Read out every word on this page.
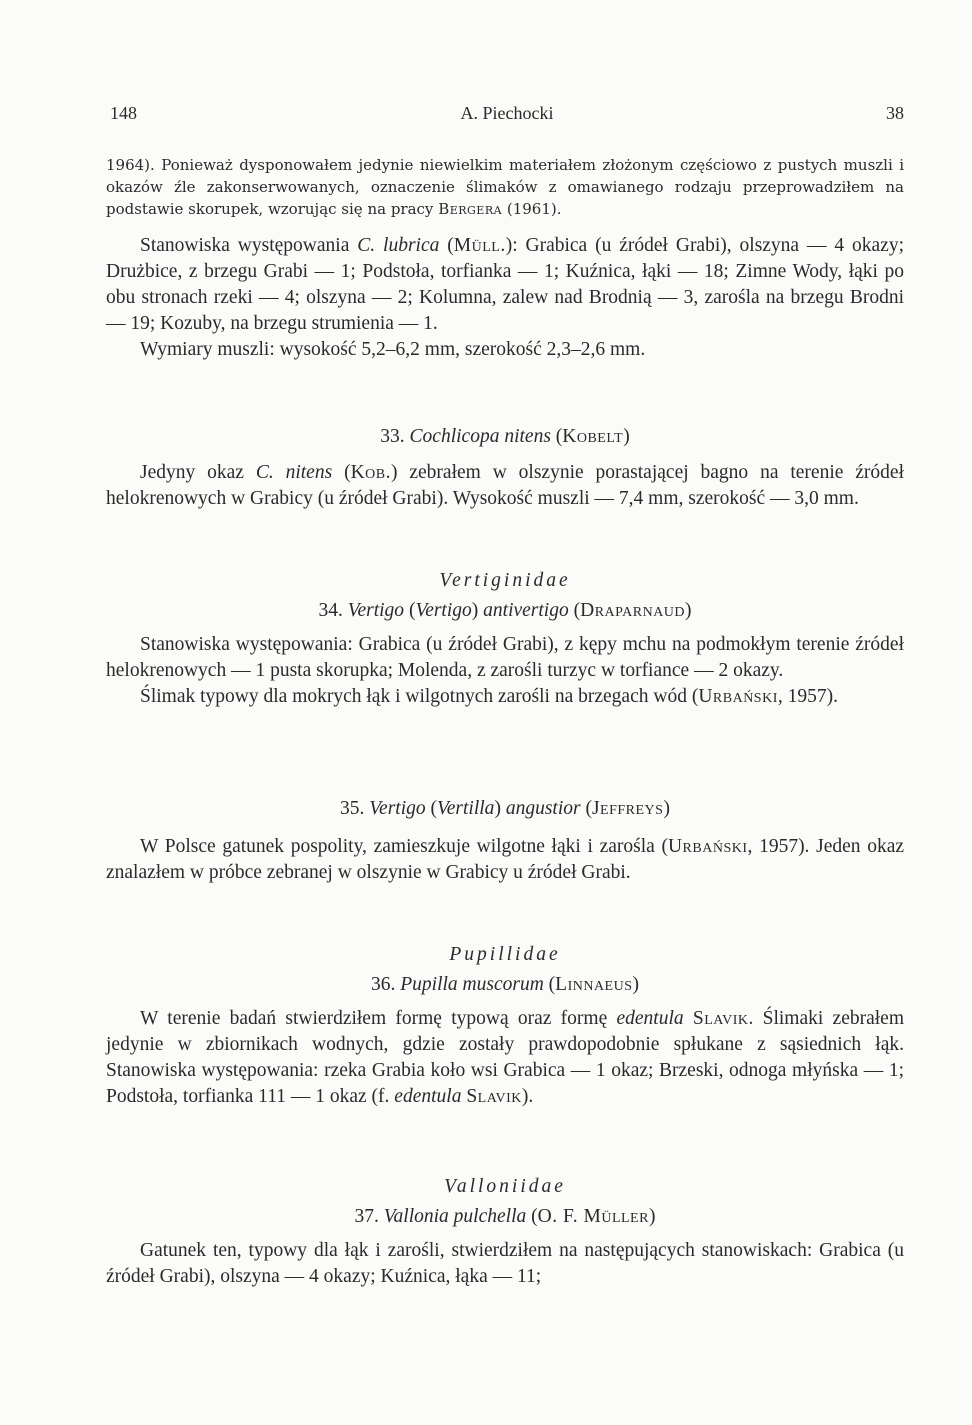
148	A. Piechocki	38

1964). Ponieważ dysponowałem jedynie niewielkim materiałem złożonym częściowo z pustych muszli i okazów źle zakonserwowanych, oznaczenie ślimaków z omawianego rodzaju przeprowadziłem na podstawie skorupek, wzorując się na pracy Bergera (1961).

Stanowiska występowania C. lubrica (Müll.): Grabica (u źródeł Grabi), olszyna — 4 okazy; Drużbice, z brzegu Grabi — 1; Podstoła, torfianka — 1; Kuźnica, łąki — 18; Zimne Wody, łąki po obu stronach rzeki — 4; olszyna — 2; Kolumna, zalew nad Brodnią — 3, zarośla na brzegu Brodni — 19; Kozuby, na brzegu strumienia — 1.

Wymiary muszli: wysokość 5,2–6,2 mm, szerokość 2,3–2,6 mm.

33. Cochlicopa nitens (Kobelt)

Jedyny okaz C. nitens (Kob.) zebrałem w olszynie porastającej bagno na terenie źródeł helokrenowych w Grabicy (u źródeł Grabi). Wysokość muszli — 7,4 mm, szerokość — 3,0 mm.

Vertiginidae

34. Vertigo (Vertigo) antivertigo (Draparnaud)

Stanowiska występowania: Grabica (u źródeł Grabi), z kępy mchu na podmokłym terenie źródeł helokrenowych — 1 pusta skorupka; Molenda, z zarośli turzyc w torfiance — 2 okazy.

Ślimak typowy dla mokrych łąk i wilgotnych zarośli na brzegach wód (Urbański, 1957).

35. Vertigo (Vertilla) angustior (Jeffreys)

W Polsce gatunek pospolity, zamieszkuje wilgotne łąki i zarośla (Urbański, 1957). Jeden okaz znalazłem w próbce zebranej w olszynie w Grabicy u źródeł Grabi.

Pupillidae

36. Pupilla muscorum (Linnaeus)

W terenie badań stwierdziłem formę typową oraz formę edentula Slavik. Ślimaki zebrałem jedynie w zbiornikach wodnych, gdzie zostały prawdopodobnie spłukane z sąsiednich łąk. Stanowiska występowania: rzeka Grabia koło wsi Grabica — 1 okaz; Brzeski, odnoga młyńska — 1; Podstoła, torfianka 111 — 1 okaz (f. edentula Slavik).

Valloniidae

37. Vallonia pulchella (O. F. Müller)

Gatunek ten, typowy dla łąk i zarośli, stwierdziłem na następujących stanowiskach: Grabica (u źródeł Grabi), olszyna — 4 okazy; Kuźnica, łąka — 11;
